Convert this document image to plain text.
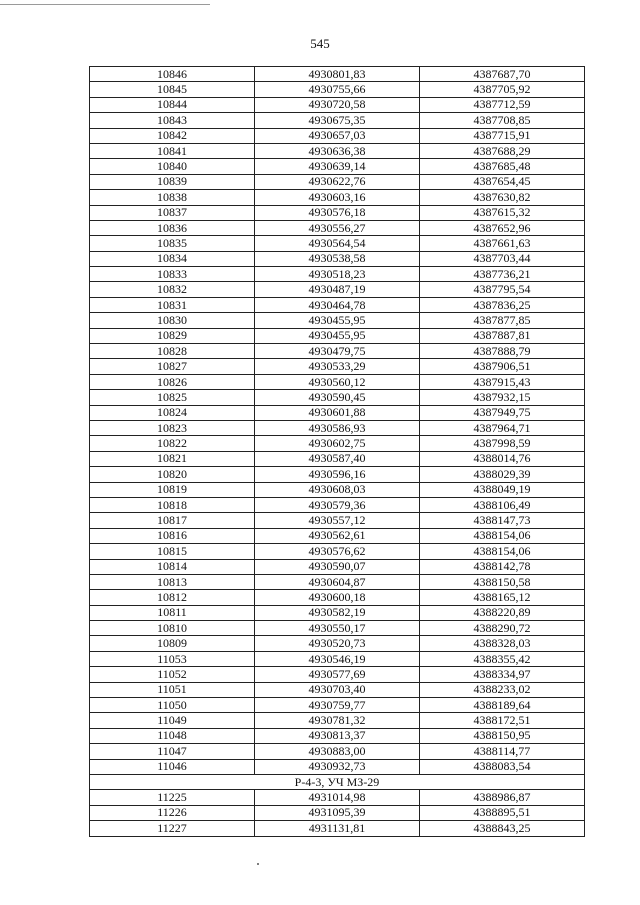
545
10846	4930801,83	4387687,70
10845	4930755,66	4387705,92
10844	4930720,58	4387712,59
10843	4930675,35	4387708,85
10842	4930657,03	4387715,91
10841	4930636,38	4387688,29
10840	4930639,14	4387685,48
10839	4930622,76	4387654,45
10838	4930603,16	4387630,82
10837	4930576,18	4387615,32
10836	4930556,27	4387652,96
10835	4930564,54	4387661,63
10834	4930538,58	4387703,44
10833	4930518,23	4387736,21
10832	4930487,19	4387795,54
10831	4930464,78	4387836,25
10830	4930455,95	4387877,85
10829	4930455,95	4387887,81
10828	4930479,75	4387888,79
10827	4930533,29	4387906,51
10826	4930560,12	4387915,43
10825	4930590,45	4387932,15
10824	4930601,88	4387949,75
10823	4930586,93	4387964,71
10822	4930602,75	4387998,59
10821	4930587,40	4388014,76
10820	4930596,16	4388029,39
10819	4930608,03	4388049,19
10818	4930579,36	4388106,49
10817	4930557,12	4388147,73
10816	4930562,61	4388154,06
10815	4930576,62	4388154,06
10814	4930590,07	4388142,78
10813	4930604,87	4388150,58
10812	4930600,18	4388165,12
10811	4930582,19	4388220,89
10810	4930550,17	4388290,72
10809	4930520,73	4388328,03
11053	4930546,19	4388355,42
11052	4930577,69	4388334,97
11051	4930703,40	4388233,02
11050	4930759,77	4388189,64
11049	4930781,32	4388172,51
11048	4930813,37	4388150,95
11047	4930883,00	4388114,77
11046	4930932,73	4388083,54
Р-4-3, УЧ МЗ-29		
11225	4931014,98	4388986,87
11226	4931095,39	4388895,51
11227	4931131,81	4388843,25
